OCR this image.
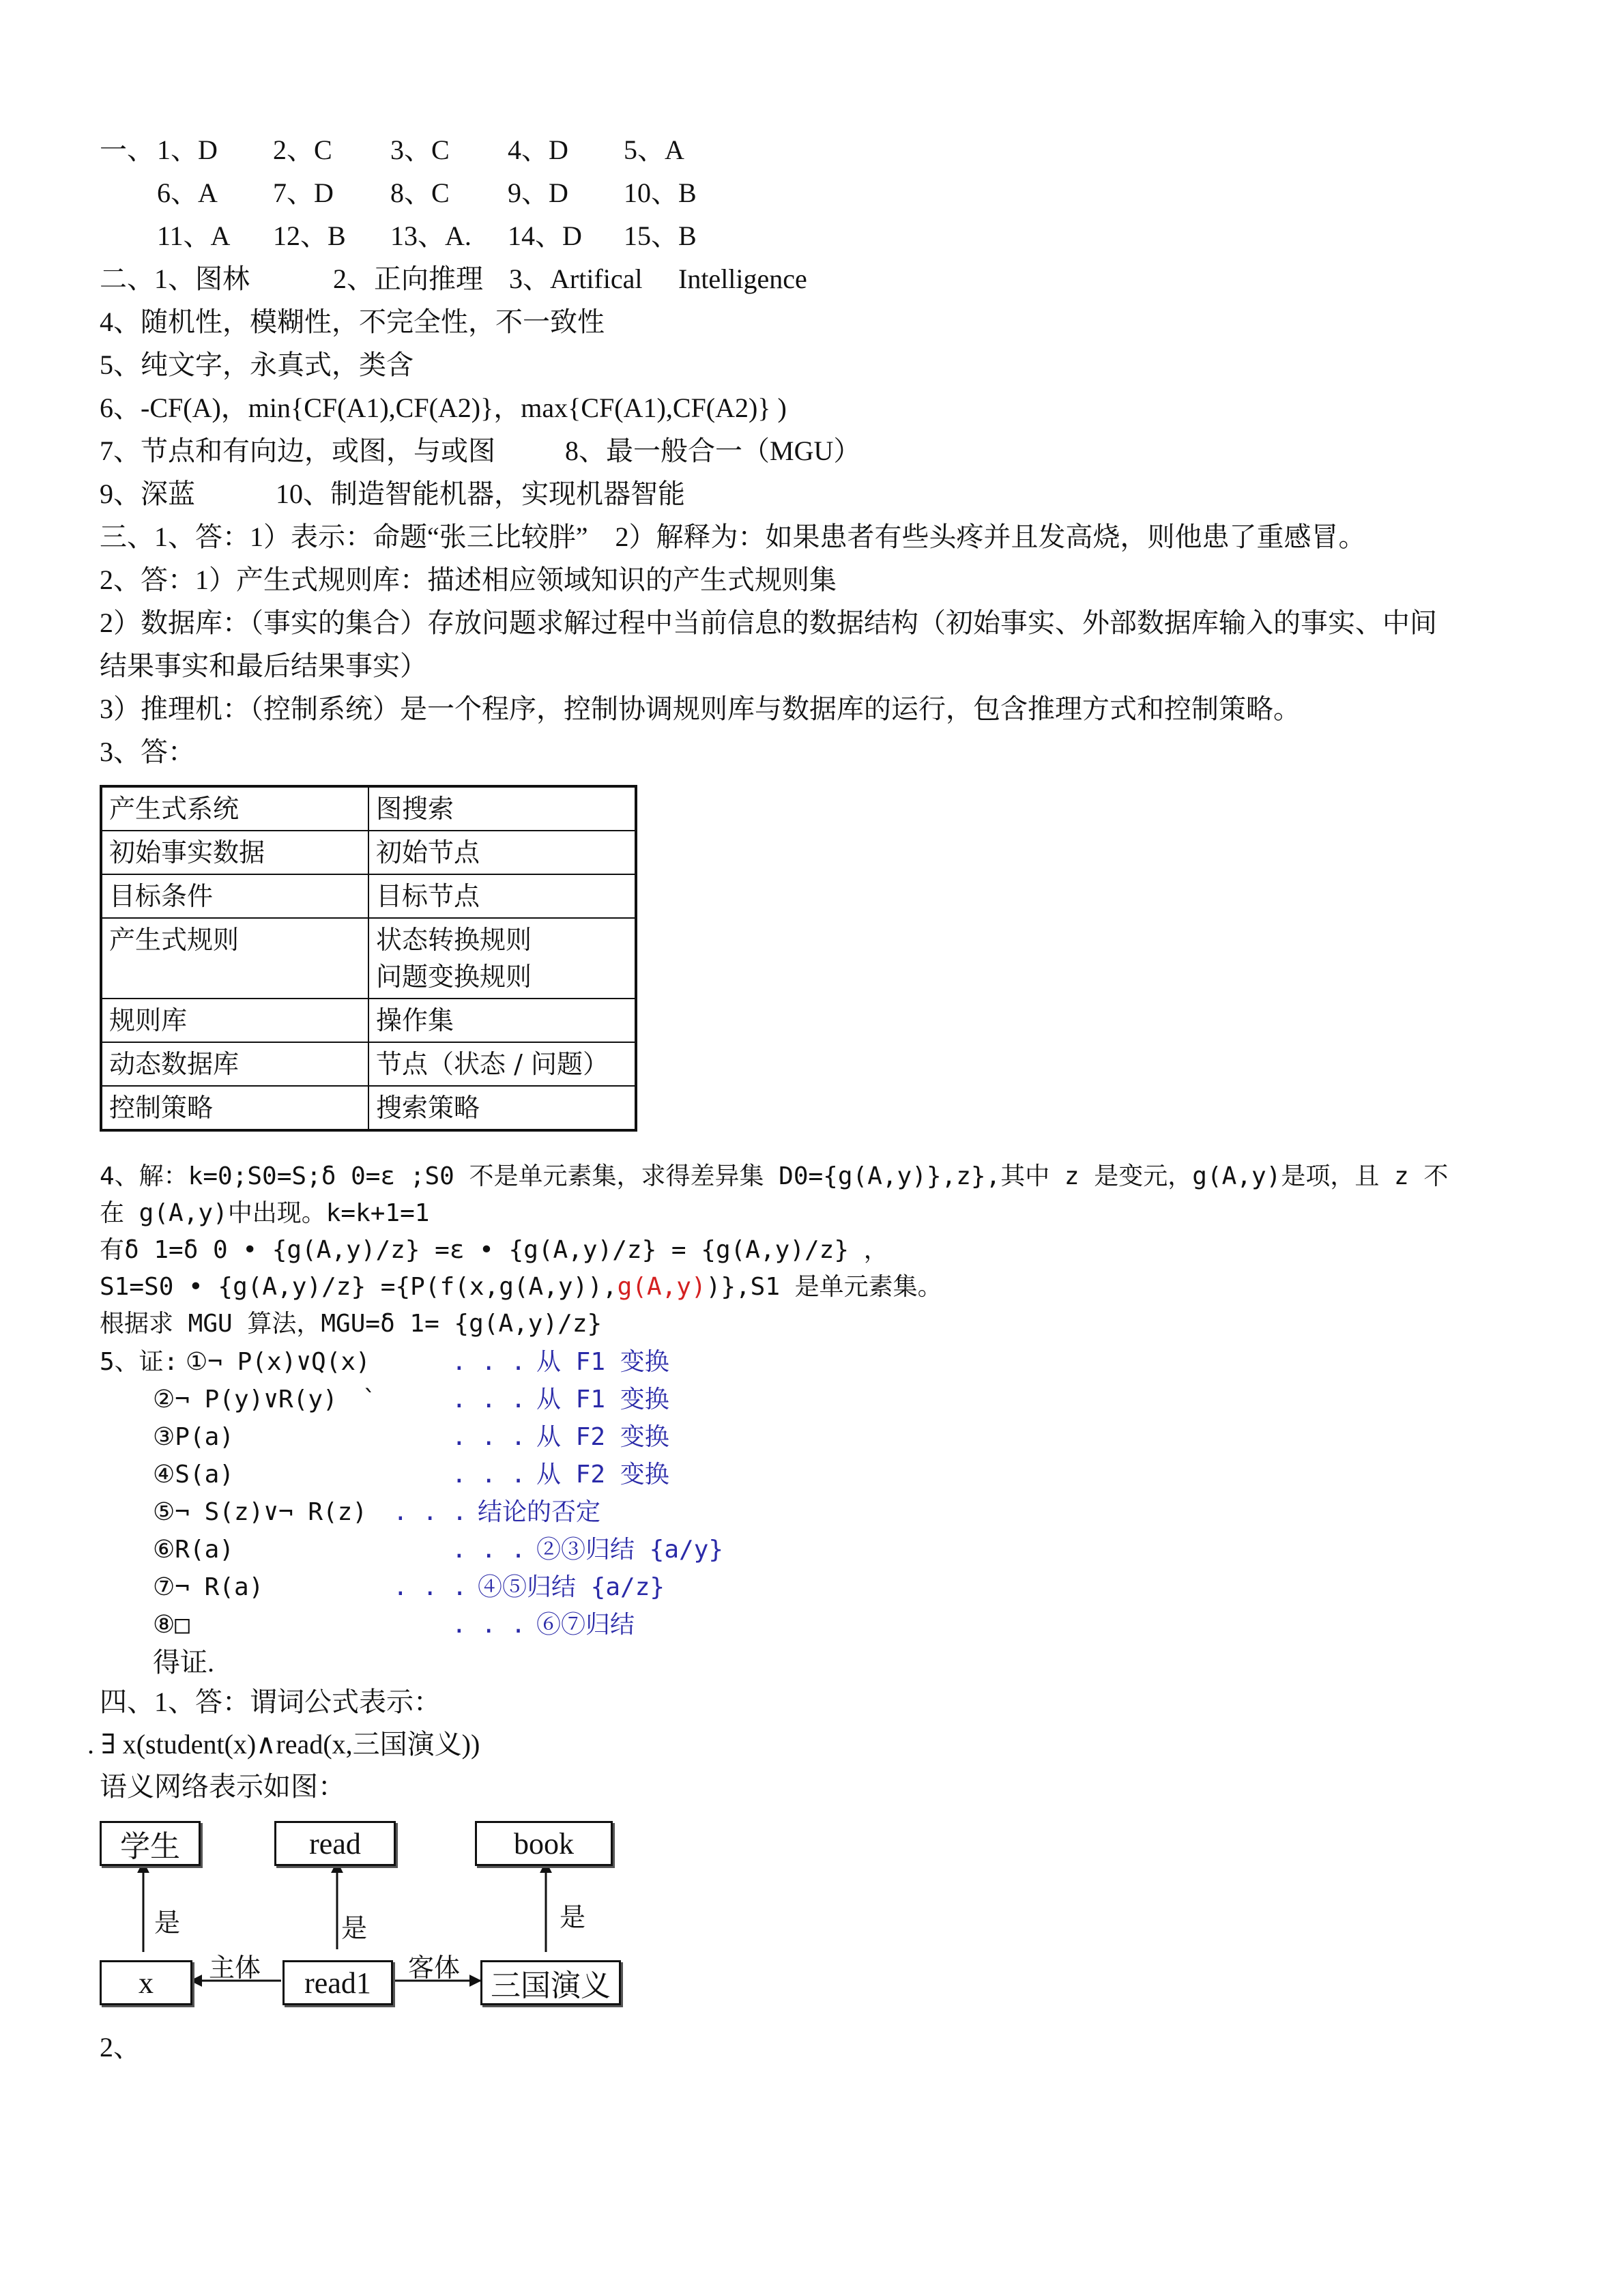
一、 1、D 2、C 3、C 4、D 5、A
6、A 7、D 8、C 9、D 10、B
11、A 12、B 13、A. 14、D 15、B
二、1、图林	2、正向推理 3、Artifical Intelligence
4、随机性，模糊性，不完全性，不一致性
5、纯文字，永真式，类含
6、-CF(A)，min{CF(A1),CF(A2)}，max{CF(A1),CF(A2)} )
7、节点和有向边，或图，与或图	8、最一般合一（MGU）
9、深蓝	10、制造智能机器，实现机器智能
三、1、答：1）表示：命题“张三比较胖”　2）解释为：如果患者有些头疼并且发高烧，则他患了重感冒。
2、答：1）产生式规则库：描述相应领域知识的产生式规则集
2）数据库：（事实的集合）存放问题求解过程中当前信息的数据结构（初始事实、外部数据库输入的事实、中间
结果事实和最后结果事实）
3）推理机：（控制系统）是一个程序，控制协调规则库与数据库的运行，包含推理方式和控制策略。
3、答：
产生式系统	图搜索
初始事实数据	初始节点
目标条件	目标节点
产生式规则	状态转换规则
问题变换规则
规则库	操作集
动态数据库	节点（状态 / 问题）
控制策略	搜索策略
4、解：k=0;S0=S;δ 0=ε ;S0 不是单元素集，求得差异集 D0={g(A,y)},z},其中 z 是变元，g(A,y)是项，且 z 不
在 g(A,y)中出现。k=k+1=1
有δ 1=δ 0 • {g(A,y)/z} =ε • {g(A,y)/z} = {g(A,y)/z} ，
S1=S0 • {g(A,y)/z} ={P(f(x,g(A,y)),g(A,y))},S1 是单元素集。
根据求 MGU 算法，MGU=δ 1= {g(A,y)/z}
5、证: ①¬ P(x)∨Q(x)	. . . 从 F1 变换
②¬ P(y)∨R(y)　`	. . . 从 F1 变换
③P(a)	. . . 从 F2 变换
④S(a)	. . . 从 F2 变换
⑤¬ S(z)∨¬ R(z) . . . 结论的否定
⑥R(a)	. . . ②③归结 {a/y}
⑦¬ R(a)	. . . ④⑤归结 {a/z}
⑧□	. . . ⑥⑦归结
得证.
四、1、答：谓词公式表示：
. ∃ x(student(x)∧read(x,三国演义))
语义网络表示如图：
学生	read	book
x	read1	三国演义
是	是	是
主体	客体
2、
